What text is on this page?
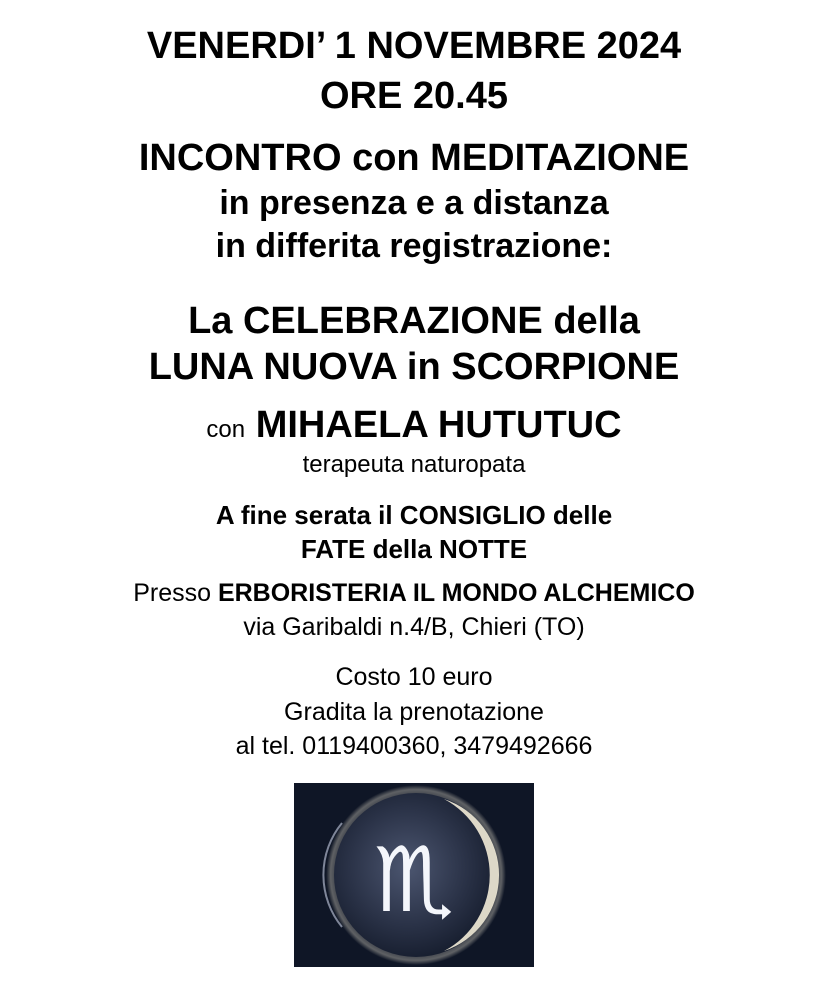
VENERDI’ 1 NOVEMBRE 2024
ORE 20.45
INCONTRO con MEDITAZIONE
in presenza e a distanza
in differita registrazione:
La CELEBRAZIONE della
LUNA NUOVA in SCORPIONE
con MIHAELA HUTUTUC
terapeuta naturopata
A fine serata il CONSIGLIO delle
FATE della NOTTE
Presso ERBORISTERIA IL MONDO ALCHEMICO
via Garibaldi n.4/B, Chieri (TO)
Costo 10 euro
Gradita la prenotazione
al tel. 0119400360, 3479492666
♏
